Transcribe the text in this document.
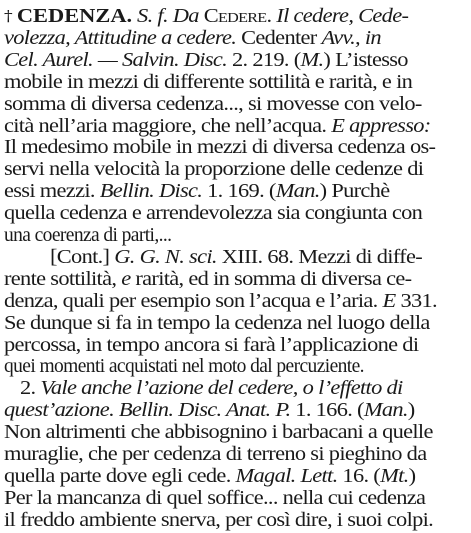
† CEDENZA. S. f. Da Cedere. Il cedere, Cede-
volezza, Attitudine a cedere. Cedenter Avv., in
Cel. Aurel. — Salvin. Disc. 2. 219. (M.) L’istesso
mobile in mezzi di differente sottilità e rarità, e in
somma di diversa cedenza..., si movesse con velo-
cità nell’aria maggiore, che nell’acqua. E appresso:
Il medesimo mobile in mezzi di diversa cedenza os-
servi nella velocità la proporzione delle cedenze di
essi mezzi. Bellin. Disc. 1. 169. (Man.) Purchè
quella cedenza e arrendevolezza sia congiunta con
una coerenza di parti,...
[Cont.] G. G. N. sci. XIII. 68. Mezzi di diffe-
rente sottilità, e rarità, ed in somma di diversa ce-
denza, quali per esempio son l’acqua e l’aria. E 331.
Se dunque si fa in tempo la cedenza nel luogo della
percossa, in tempo ancora si farà l’applicazione di
quei momenti acquistati nel moto dal percuziente.
2. Vale anche l’azione del cedere, o l’effetto di
quest’azione. Bellin. Disc. Anat. P. 1. 166. (Man.)
Non altrimenti che abbisognino i barbacani a quelle
muraglie, che per cedenza di terreno si pieghino da
quella parte dove egli cede. Magal. Lett. 16. (Mt.)
Per la mancanza di quel soffice... nella cui cedenza
il freddo ambiente snerva, per così dire, i suoi colpi.
